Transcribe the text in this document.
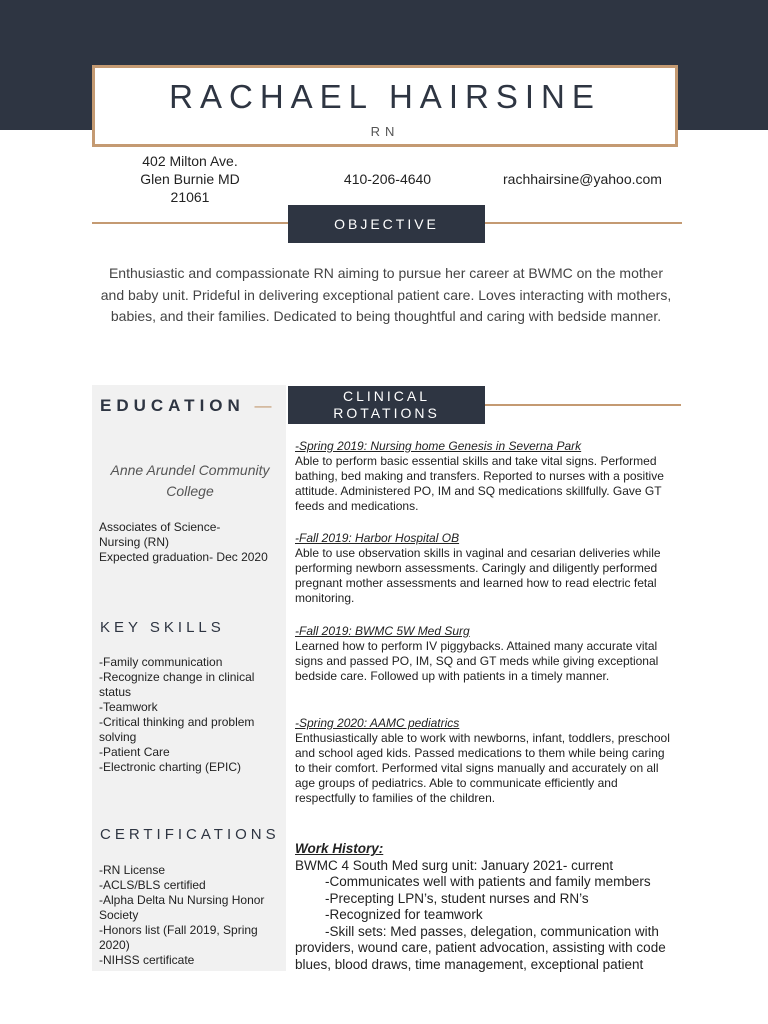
RACHAEL HAIRSINE
RN
402 Milton Ave.
Glen Burnie MD
21061
410-206-4640	rachhairsine@yahoo.com
OBJECTIVE
Enthusiastic and compassionate RN aiming to pursue her career at BWMC on the mother and baby unit. Prideful in delivering exceptional patient care. Loves interacting with mothers, babies, and their families. Dedicated to being thoughtful and caring with bedside manner.
EDUCATION —
Anne Arundel Community College
Associates of Science-
Nursing (RN)
Expected graduation- Dec 2020
KEY SKILLS
-Family communication
-Recognize change in clinical status
-Teamwork
-Critical thinking and problem solving
-Patient Care
-Electronic charting (EPIC)
CERTIFICATIONS
-RN License
-ACLS/BLS certified
-Alpha Delta Nu Nursing Honor Society
-Honors list (Fall 2019, Spring 2020)
-NIHSS certificate
CLINICAL
ROTATIONS
-Spring 2019: Nursing home Genesis in Severna Park
Able to perform basic essential skills and take vital signs. Performed bathing, bed making and transfers. Reported to nurses with a positive attitude. Administered PO, IM and SQ medications skillfully. Gave GT feeds and medications.
-Fall 2019: Harbor Hospital OB
Able to use observation skills in vaginal and cesarian deliveries while performing newborn assessments. Caringly and diligently performed pregnant mother assessments and learned how to read electric fetal monitoring.
-Fall 2019: BWMC 5W Med Surg
Learned how to perform IV piggybacks. Attained many accurate vital signs and passed PO, IM, SQ and GT meds while giving exceptional bedside care. Followed up with patients in a timely manner.
-Spring 2020: AAMC pediatrics
Enthusiastically able to work with newborns, infant, toddlers, preschool and school aged kids. Passed medications to them while being caring to their comfort. Performed vital signs manually and accurately on all age groups of pediatrics. Able to communicate efficiently and respectfully to families of the children.
Work History:
BWMC 4 South Med surg unit: January 2021- current
-Communicates well with patients and family members
-Precepting LPN’s, student nurses and RN’s
-Recognized for teamwork
-Skill sets: Med passes, delegation, communication with providers, wound care, patient advocation, assisting with code blues, blood draws, time management, exceptional patient
